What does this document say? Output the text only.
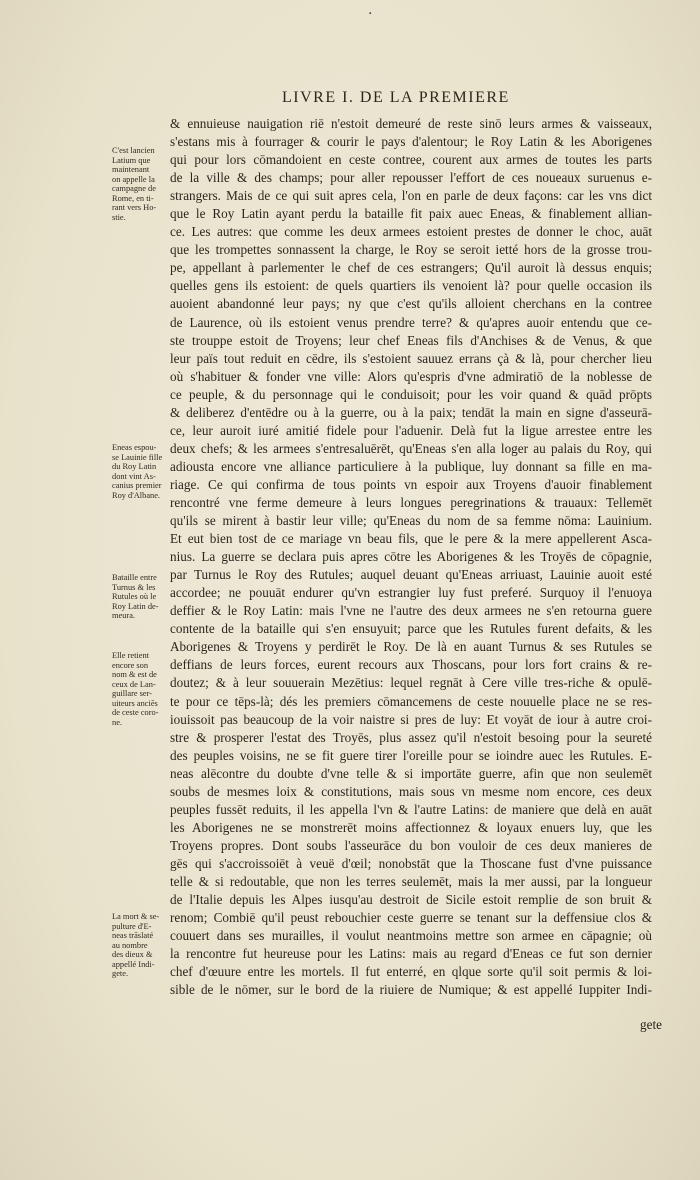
.
LIVRE I. DE LA PREMIERE
& ennuieuse nauigation riē n'estoit demeuré de reste sinō leurs armes & vaisseaux,
s'estans mis à fourrager & courir le pays d'alentour; le Roy Latin & les Aborigenes
qui pour lors cōmandoient en ceste contree, courent aux armes de toutes les parts
de la ville & des champs; pour aller repousser l'effort de ces noueaux suruenus e-
strangers. Mais de ce qui suit apres cela, l'on en parle de deux façons: car les vns dict
que le Roy Latin ayant perdu la bataille fit paix auec Eneas, & finablement allian-
ce. Les autres: que comme les deux armees estoient prestes de donner le choc, auāt
que les trompettes sonnassent la charge, le Roy se seroit ietté hors de la grosse trou-
pe, appellant à parlementer le chef de ces estrangers; Qu'il auroit là dessus enquis;
quelles gens ils estoient: de quels quartiers ils venoient là? pour quelle occasion ils
auoient abandonné leur pays; ny que c'est qu'ils alloient cherchans en la contree
de Laurence, où ils estoient venus prendre terre? & qu'apres auoir entendu que ce-
ste trouppe estoit de Troyens; leur chef Eneas fils d'Anchises & de Venus, & que
leur païs tout reduit en cēdre, ils s'estoient sauuez errans çà & là, pour chercher lieu
où s'habituer & fonder vne ville: Alors qu'espris d'vne admiratiō de la noblesse de
ce peuple, & du personnage qui le conduisoit; pour les voir quand & quād prōpts
& deliberez d'entēdre ou à la guerre, ou à la paix; tendāt la main en signe d'asseurā-
ce, leur auroit iuré amitié fidele pour l'aduenir. Delà fut la ligue arrestee entre les
deux chefs; & les armees s'entresaluērēt, qu'Eneas s'en alla loger au palais du Roy, qui
adiousta encore vne alliance particuliere à la publique, luy donnant sa fille en ma-
riage. Ce qui confirma de tous points vn espoir aux Troyens d'auoir finablement
rencontré vne ferme demeure à leurs longues peregrinations & trauaux: Tellemēt
qu'ils se mirent à bastir leur ville; qu'Eneas du nom de sa femme nōma: Lauinium.
Et eut bien tost de ce mariage vn beau fils, que le pere & la mere appellerent Asca-
nius. La guerre se declara puis apres cōtre les Aborigenes & les Troyēs de cōpagnie,
par Turnus le Roy des Rutules; auquel deuant qu'Eneas arriuast, Lauinie auoit esté
accordee; ne pouuāt endurer qu'vn estrangier luy fust preferé. Surquoy il l'enuoya
deffier & le Roy Latin: mais l'vne ne l'autre des deux armees ne s'en retourna guere
contente de la bataille qui s'en ensuyuit; parce que les Rutules furent defaits, & les
Aborigenes & Troyens y perdirēt le Roy. De là en auant Turnus & ses Rutules se
deffians de leurs forces, eurent recours aux Thoscans, pour lors fort crains & re-
doutez; & à leur souuerain Mezētius: lequel regnāt à Cere ville tres-riche & opulē-
te pour ce tēps-là; dés les premiers cōmancemens de ceste nouuelle place ne se res-
iouissoit pas beaucoup de la voir naistre si pres de luy: Et voyāt de iour à autre croi-
stre & prosperer l'estat des Troyēs, plus assez qu'il n'estoit besoing pour la seureté
des peuples voisins, ne se fit guere tirer l'oreille pour se ioindre auec les Rutules. E-
neas alēcontre du doubte d'vne telle & si importāte guerre, afin que non seulemēt
soubs de mesmes loix & constitutions, mais sous vn mesme nom encore, ces deux
peuples fussēt reduits, il les appella l'vn & l'autre Latins: de maniere que delà en auāt
les Aborigenes ne se monstrerēt moins affectionnez & loyaux enuers luy, que les
Troyens propres. Dont soubs l'asseurāce du bon vouloir de ces deux manieres de
gēs qui s'accroissoiēt à veuë d'œil; nonobstāt que la Thoscane fust d'vne puissance
telle & si redoutable, que non les terres seulemēt, mais la mer aussi, par la longueur
de l'Italie depuis les Alpes iusqu'au destroit de Sicile estoit remplie de son bruit &
renom; Combiē qu'il peust rebouchier ceste guerre se tenant sur la deffensiue clos &
couuert dans ses murailles, il voulut neantmoins mettre son armee en cāpagnie; où
la rencontre fut heureuse pour les Latins: mais au regard d'Eneas ce fut son dernier
chef d'œuure entre les mortels. Il fut enterré, en qlque sorte qu'il soit permis & loi-
sible de le nōmer, sur le bord de la riuiere de Numique; & est appellé Iuppiter Indi-
gete
C'est lancien
Latium que
maintenant
on appelle la
campagne de
Rome, en ti-
rant vers Ho-
stie.
Eneas espou-
se Lauinie fille
du Roy Latin
dont vint As-
canius premier
Roy d'Albane.
Bataille entre
Turnus & les
Rutules où le
Roy Latin de-
meura.
Elle retient
encore son
nom & est de
ceux de Lan-
guillare ser-
uiteurs anciēs
de ceste coro-
ne.
La mort & se-
pulture d'E-
neas trāslaté
au nombre
des dieux &
appellé Indi-
gete.
